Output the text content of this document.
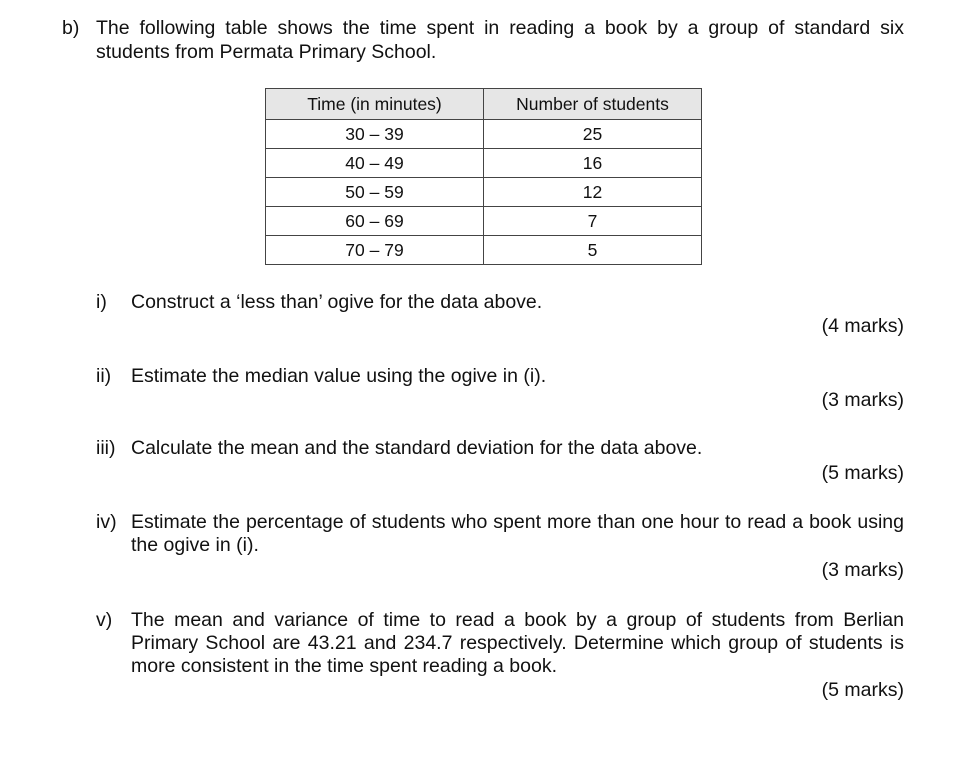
b) The following table shows the time spent in reading a book by a group of standard six students from Permata Primary School.
Time (in minutes)	Number of students
30 – 39	25
40 – 49	16
50 – 59	12
60 – 69	7
70 – 79	5
i) Construct a ‘less than’ ogive for the data above.
(4 marks)
ii) Estimate the median value using the ogive in (i).
(3 marks)
iii) Calculate the mean and the standard deviation for the data above.
(5 marks)
iv) Estimate the percentage of students who spent more than one hour to read a book using the ogive in (i).
(3 marks)
v) The mean and variance of time to read a book by a group of students from Berlian Primary School are 43.21 and 234.7 respectively. Determine which group of students is more consistent in the time spent reading a book.
(5 marks)
